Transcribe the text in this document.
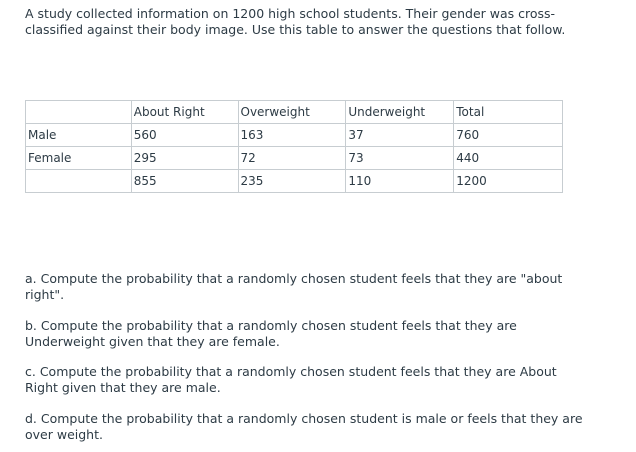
A study collected information on 1200 high school students. Their gender was cross-classified against their body image. Use this table to answer the questions that follow.

	About Right	Overweight	Underweight	Total
Male	560	163	37	760
Female	295	72	73	440
	855	235	110	1200

a. Compute the probability that a randomly chosen student feels that they are "about right".

b. Compute the probability that a randomly chosen student feels that they are Underweight given that they are female.

c. Compute the probability that a randomly chosen student feels that they are About Right given that they are male.

d. Compute the probability that a randomly chosen student is male or feels that they are over weight.
